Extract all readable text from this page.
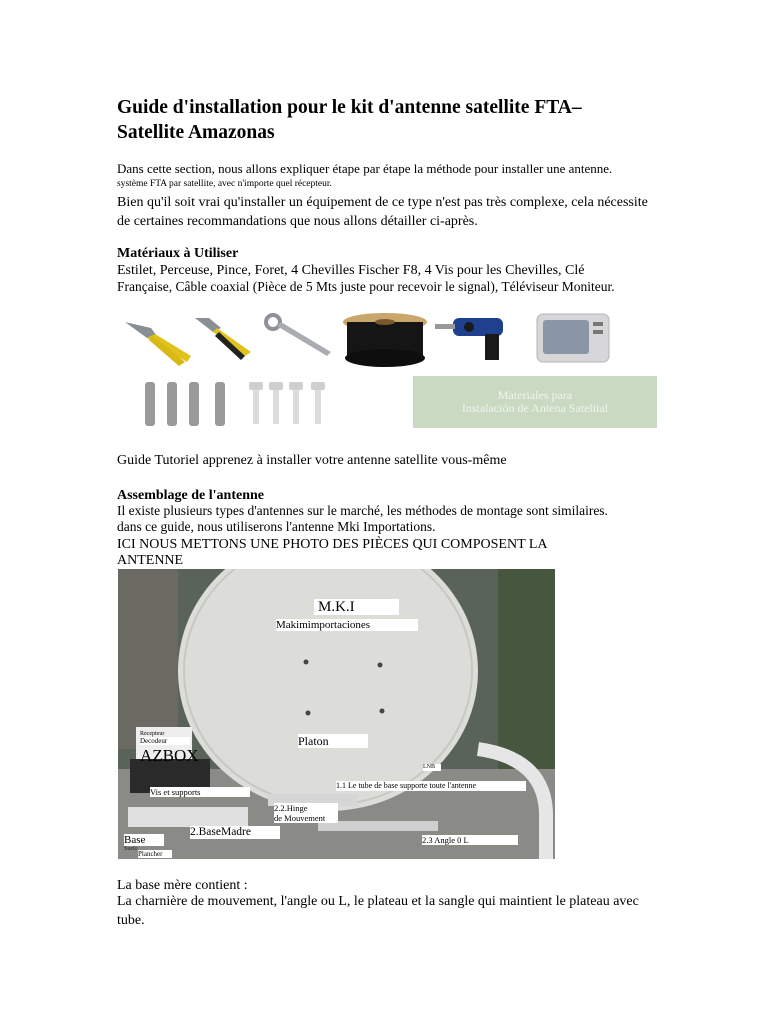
Guide d'installation pour le kit d'antenne satellite FTA–
Satellite Amazonas

Dans cette section, nous allons expliquer étape par étape la méthode pour installer une antenne.

système FTA par satellite, avec n'importe quel récepteur.

Bien qu'il soit vrai qu'installer un équipement de ce type n'est pas très complexe, cela nécessite
de certaines recommandations que nous allons détailler ci-après.

Matériaux à Utiliser

Estilet, Perceuse, Pince, Foret, 4 Chevilles Fischer F8, 4 Vis pour les Chevilles, Clé

Française, Câble coaxial (Pièce de 5 Mts juste pour recevoir le signal), Téléviseur Moniteur.

Materiales para
Instalación de Antena Satelital

Guide Tutoriel apprenez à installer votre antenne satellite vous-même

Assemblage de l'antenne

Il existe plusieurs types d'antennes sur le marché, les méthodes de montage sont similaires.

dans ce guide, nous utiliserons l'antenne Mki Importations.

ICI NOUS METTONS UNE PHOTO DES PIÈCES QUI COMPOSENT LA

ANTENNE

M.K.I
Makimimportaciones
Récepteur
Decodeur
AZBOX
Platon
LNB
1.1 Le tube de base supporte toute l'antenne
Vis et supports
2.2.Hinge
de Mouvement
2.BaseMadre
Base
Suelo
Plancher
2.3 Angle 0 L

La base mère contient :

La charnière de mouvement, l'angle ou L, le plateau et la sangle qui maintient le plateau avec
tube.
